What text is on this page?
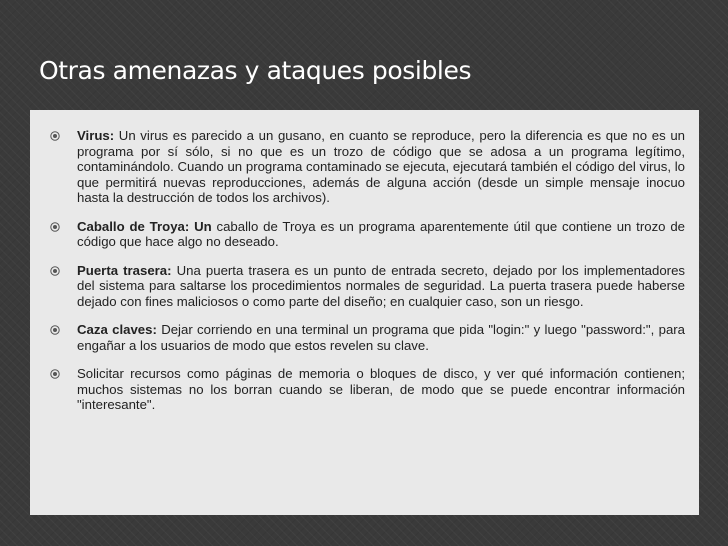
Otras amenazas y ataques posibles
Virus: Un virus es parecido a un gusano, en cuanto se reproduce, pero la diferencia es que no es un programa por sí sólo, si no que es un trozo de código que se adosa a un programa legítimo, contaminándolo. Cuando un programa contaminado se ejecuta, ejecutará también el código del virus, lo que permitirá nuevas reproducciones, además de alguna acción (desde un simple mensaje inocuo hasta la destrucción de todos los archivos).
Caballo de Troya: Un caballo de Troya es un programa aparentemente útil que contiene un trozo de código que hace algo no deseado.
Puerta trasera: Una puerta trasera es un punto de entrada secreto, dejado por los implementadores del sistema para saltarse los procedimientos normales de seguridad. La puerta trasera puede haberse dejado con fines maliciosos o como parte del diseño; en cualquier caso, son un riesgo.
Caza claves: Dejar corriendo en una terminal un programa que pida "login:" y luego "password:", para engañar a los usuarios de modo que estos revelen su clave.
Solicitar recursos como páginas de memoria o bloques de disco, y ver qué información contienen; muchos sistemas no los borran cuando se liberan, de modo que se puede encontrar información "interesante".
